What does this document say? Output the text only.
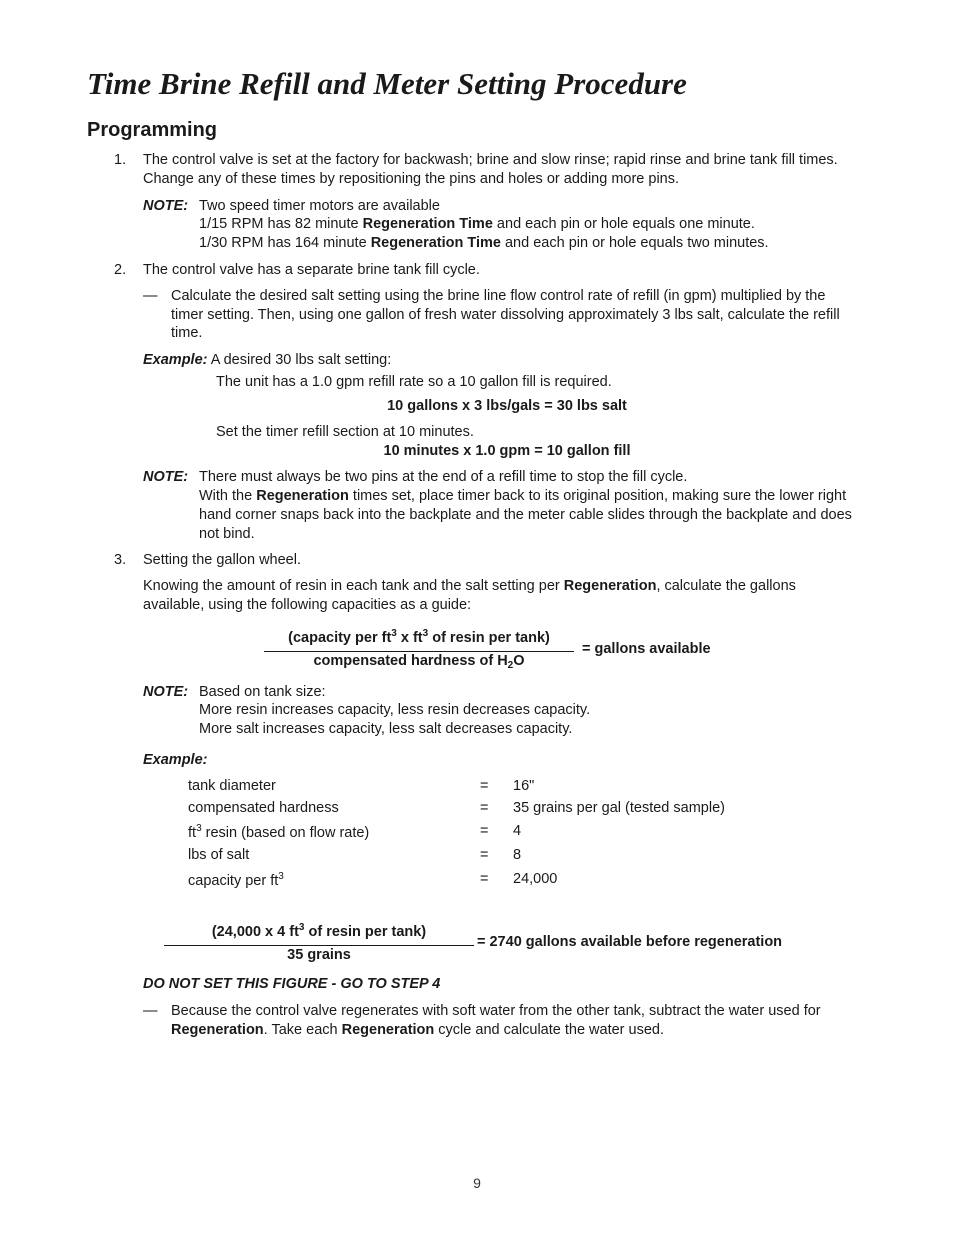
Time Brine Refill and Meter Setting Procedure
Programming
1. The control valve is set at the factory for backwash; brine and slow rinse; rapid rinse and brine tank fill times.
Change any of these times by repositioning the pins and holes or adding more pins.
NOTE: Two speed timer motors are available
1/15 RPM has 82 minute Regeneration Time and each pin or hole equals one minute.
1/30 RPM has 164 minute Regeneration Time and each pin or hole equals two minutes.
2. The control valve has a separate brine tank fill cycle.
— Calculate the desired salt setting using the brine line flow control rate of refill (in gpm) multiplied by the
timer setting. Then, using one gallon of fresh water dissolving approximately 3 lbs salt, calculate the refill
time.
Example: A desired 30 lbs salt setting:
The unit has a 1.0 gpm refill rate so a 10 gallon fill is required.
10 gallons x 3 lbs/gals = 30 lbs salt
Set the timer refill section at 10 minutes.
10 minutes x 1.0 gpm = 10 gallon fill
NOTE: There must always be two pins at the end of a refill time to stop the fill cycle.
With the Regeneration times set, place timer back to its original position, making sure the lower right
hand corner snaps back into the backplate and the meter cable slides through the backplate and does
not bind.
3. Setting the gallon wheel.
Knowing the amount of resin in each tank and the salt setting per Regeneration, calculate the gallons
available, using the following capacities as a guide:
(capacity per $ft^3$ x $ft^3$ of resin per tank)
compensated hardness of $H_2O$
= gallons available
NOTE: Based on tank size:
More resin increases capacity, less resin decreases capacity.
More salt increases capacity, less salt decreases capacity.
Example:
tank diameter	= 16"
compensated hardness	= 35 grains per gal (tested sample)
$ft^3$ resin (based on flow rate)	= 4
lbs of salt	= 8
capacity per $ft^3$	= 24,000
(24,000 x 4 $ft^3$ of resin per tank)
35 grains
= 2740 gallons available before regeneration
DO NOT SET THIS FIGURE - GO TO STEP 4
— Because the control valve regenerates with soft water from the other tank, subtract the water used for
Regeneration. Take each Regeneration cycle and calculate the water used.
9
